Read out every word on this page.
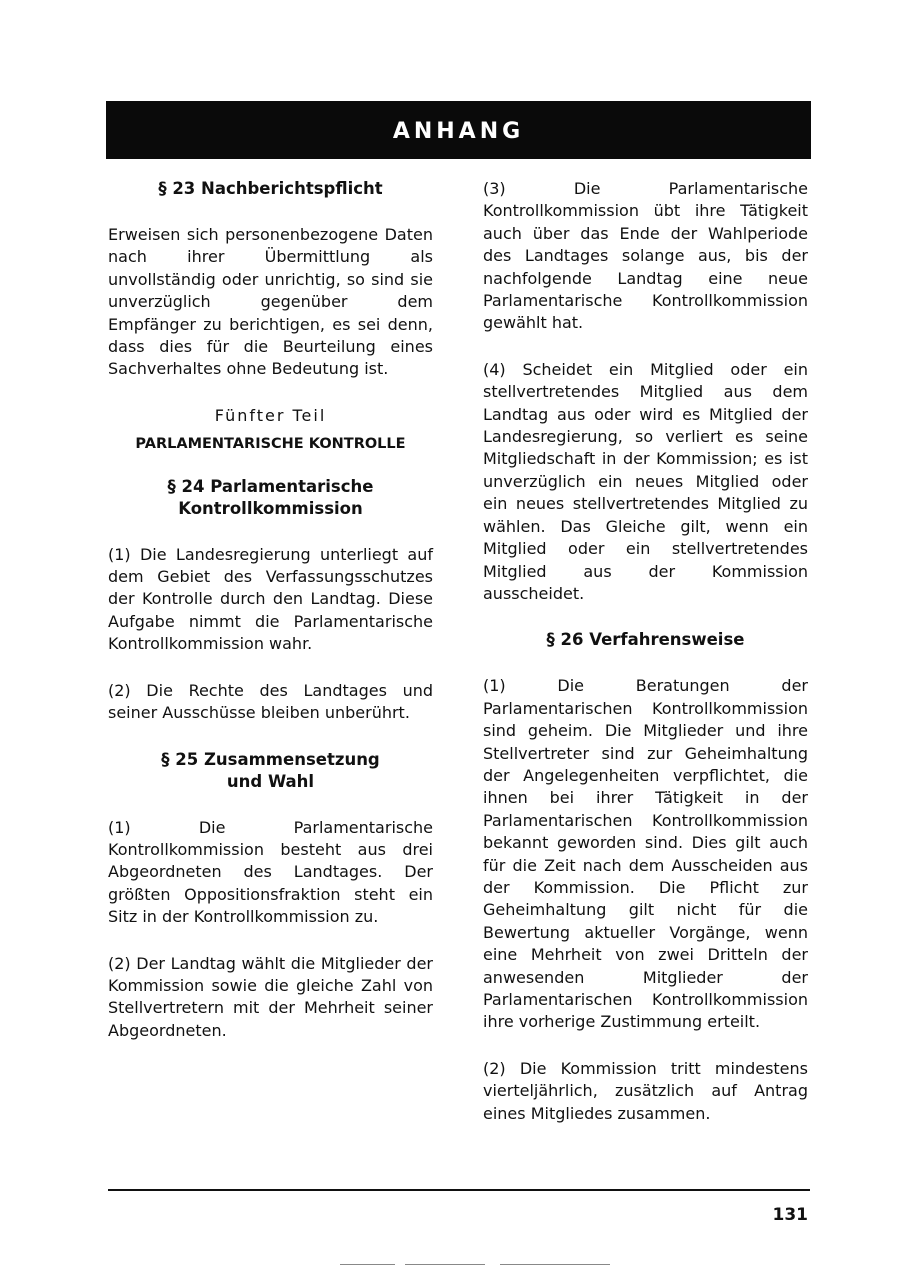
ANHANG

§ 23 Nachberichtspflicht

Erweisen sich personenbezogene Daten nach ihrer Übermittlung als unvollständig oder unrichtig, so sind sie unverzüglich gegenüber dem Empfänger zu berichtigen, es sei denn, dass dies für die Beurteilung eines Sachverhaltes ohne Bedeutung ist.

Fünfter Teil

PARLAMENTARISCHE KONTROLLE

§ 24 Parlamentarische

Kontrollkommission

(1) Die Landesregierung unterliegt auf dem Gebiet des Verfassungsschutzes der Kontrolle durch den Landtag. Diese Aufgabe nimmt die Parlamentarische Kontrollkommission wahr.

(2) Die Rechte des Landtages und seiner Ausschüsse bleiben unberührt.

§ 25 Zusammensetzung

und Wahl

(1) Die Parlamentarische Kontrollkommission besteht aus drei Abgeordneten des Landtages. Der größten Oppositionsfraktion steht ein Sitz in der Kontrollkommission zu.

(2) Der Landtag wählt die Mitglieder der Kommission sowie die gleiche Zahl von Stellvertretern mit der Mehrheit seiner Abgeordneten.

(3) Die Parlamentarische Kontrollkommission übt ihre Tätigkeit auch über das Ende der Wahlperiode des Landtages solange aus, bis der nachfolgende Landtag eine neue Parlamentarische Kontrollkommission gewählt hat.

(4) Scheidet ein Mitglied oder ein stellvertretendes Mitglied aus dem Landtag aus oder wird es Mitglied der Landesregierung, so verliert es seine Mitgliedschaft in der Kommission; es ist unverzüglich ein neues Mitglied oder ein neues stellvertretendes Mitglied zu wählen. Das Gleiche gilt, wenn ein Mitglied oder ein stellvertretendes Mitglied aus der Kommission ausscheidet.

§ 26 Verfahrensweise

(1) Die Beratungen der Parlamentarischen Kontrollkommission sind geheim. Die Mitglieder und ihre Stellvertreter sind zur Geheimhaltung der Angelegenheiten verpflichtet, die ihnen bei ihrer Tätigkeit in der Parlamentarischen Kontrollkommission bekannt geworden sind. Dies gilt auch für die Zeit nach dem Ausscheiden aus der Kommission. Die Pflicht zur Geheimhaltung gilt nicht für die Bewertung aktueller Vorgänge, wenn eine Mehrheit von zwei Dritteln der anwesenden Mitglieder der Parlamentarischen Kontrollkommission ihre vorherige Zustimmung erteilt.

(2) Die Kommission tritt mindestens vierteljährlich, zusätzlich auf Antrag eines Mitgliedes zusammen.

131
